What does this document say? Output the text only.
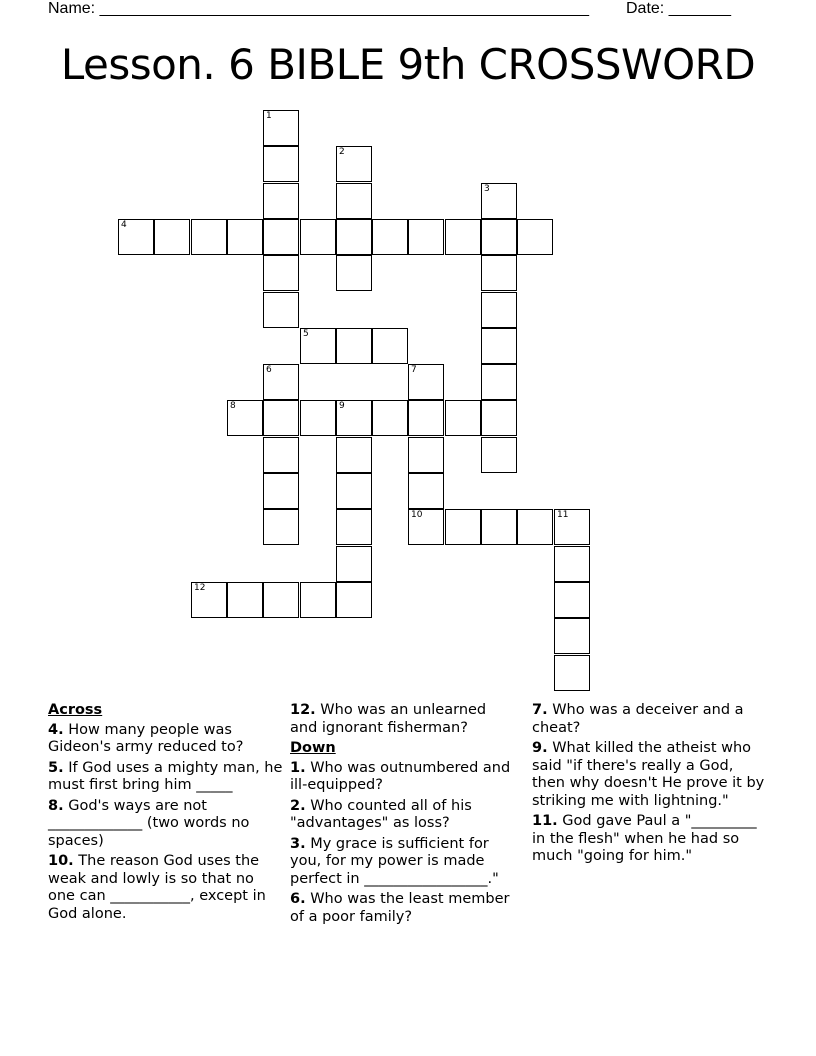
Name: _______________________________________________________ Date: _______
Lesson. 6 BIBLE 9th CROSSWORD
1
2
3
4
5
6	7
8	9
10	11
12
Across
4. How many people was Gideon's army reduced to?
5. If God uses a mighty man, he must first bring him _____
8. God's ways are not _____________ (two words no spaces)
10. The reason God uses the weak and lowly is so that no one can ___________, except in God alone.
12. Who was an unlearned and ignorant fisherman?
Down
1. Who was outnumbered and ill-equipped?
2. Who counted all of his "advantages" as loss?
3. My grace is sufficient for you, for my power is made perfect in _________________."
6. Who was the least member of a poor family?
7. Who was a deceiver and a cheat?
9. What killed the atheist who said "if there's really a God, then why doesn't He prove it by striking me with lightning."
11. God gave Paul a "_________ in the flesh" when he had so much "going for him."
